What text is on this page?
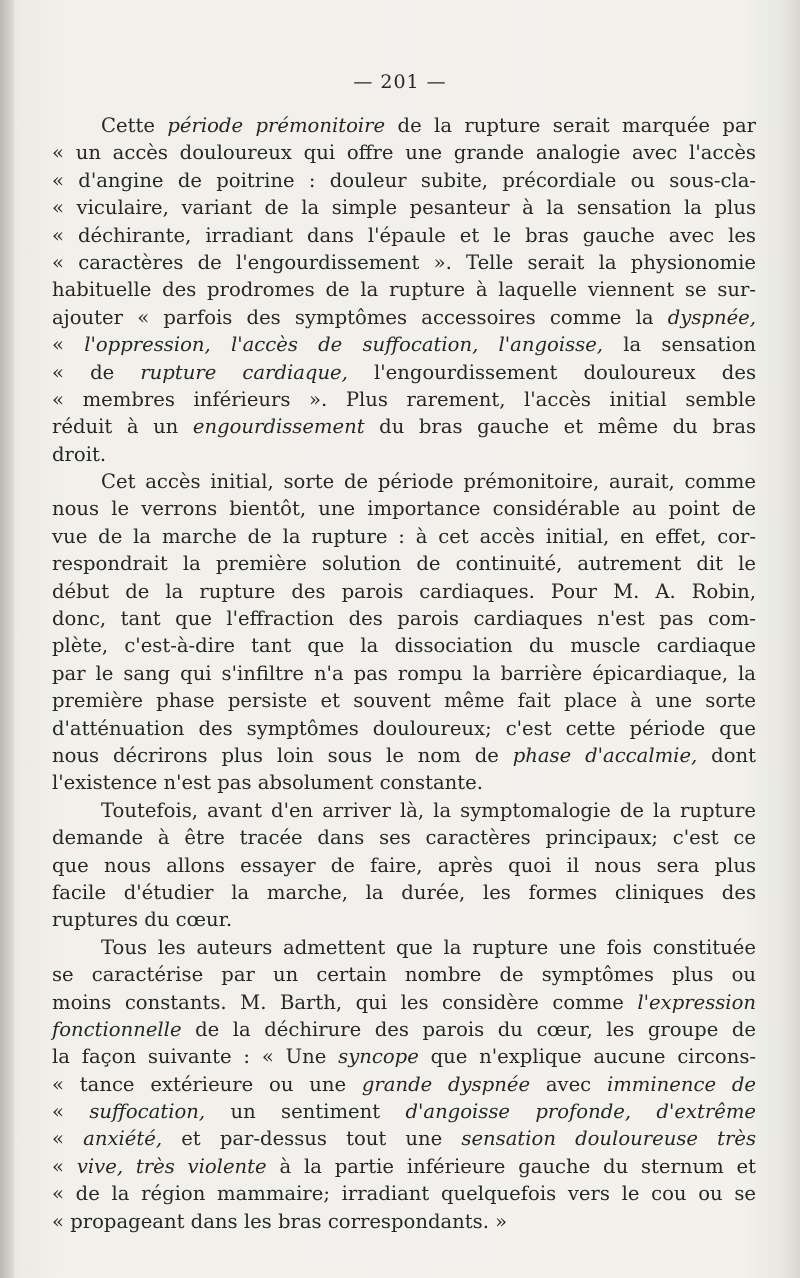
— 201 —
Cette période prémonitoire de la rupture serait marquée par
« un accès douloureux qui offre une grande analogie avec l'accès
« d'angine de poitrine : douleur subite, précordiale ou sous-cla-
« viculaire, variant de la simple pesanteur à la sensation la plus
« déchirante, irradiant dans l'épaule et le bras gauche avec les
« caractères de l'engourdissement ». Telle serait la physionomie
habituelle des prodromes de la rupture à laquelle viennent se sur-
ajouter « parfois des symptômes accessoires comme la dyspnée,
« l'oppression, l'accès de suffocation, l'angoisse, la sensation
« de rupture cardiaque, l'engourdissement douloureux des
« membres inférieurs ». Plus rarement, l'accès initial semble
réduit à un engourdissement du bras gauche et même du bras
droit.
Cet accès initial, sorte de période prémonitoire, aurait, comme
nous le verrons bientôt, une importance considérable au point de
vue de la marche de la rupture : à cet accès initial, en effet, cor-
respondrait la première solution de continuité, autrement dit le
début de la rupture des parois cardiaques. Pour M. A. Robin,
donc, tant que l'effraction des parois cardiaques n'est pas com-
plète, c'est-à-dire tant que la dissociation du muscle cardiaque
par le sang qui s'infiltre n'a pas rompu la barrière épicardiaque, la
première phase persiste et souvent même fait place à une sorte
d'atténuation des symptômes douloureux; c'est cette période que
nous décrirons plus loin sous le nom de phase d'accalmie, dont
l'existence n'est pas absolument constante.
Toutefois, avant d'en arriver là, la symptomalogie de la rupture
demande à être tracée dans ses caractères principaux; c'est ce
que nous allons essayer de faire, après quoi il nous sera plus
facile d'étudier la marche, la durée, les formes cliniques des
ruptures du cœur.
Tous les auteurs admettent que la rupture une fois constituée
se caractérise par un certain nombre de symptômes plus ou
moins constants. M. Barth, qui les considère comme l'expression
fonctionnelle de la déchirure des parois du cœur, les groupe de
la façon suivante : « Une syncope que n'explique aucune circons-
« tance extérieure ou une grande dyspnée avec imminence de
« suffocation, un sentiment d'angoisse profonde, d'extrême
« anxiété, et par-dessus tout une sensation douloureuse très
« vive, très violente à la partie inférieure gauche du sternum et
« de la région mammaire; irradiant quelquefois vers le cou ou se
« propageant dans les bras correspondants. »
